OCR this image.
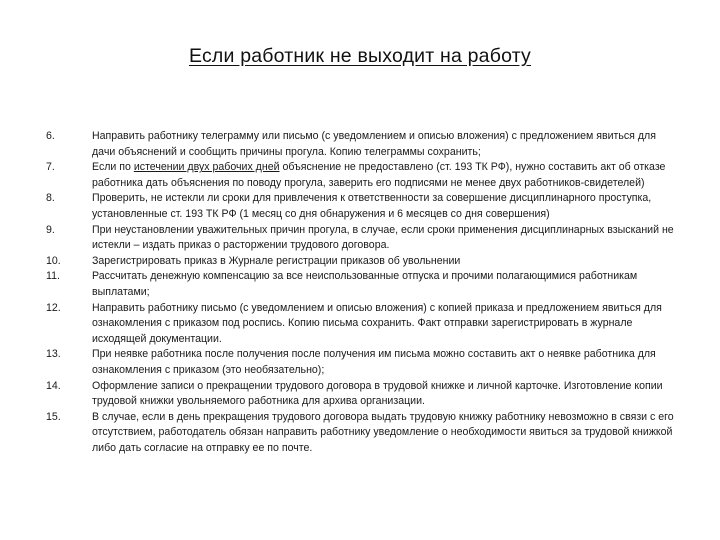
Если работник не выходит на работу
6.	Направить работнику телеграмму или письмо (с уведомлением и описью вложения) с предложением явиться для дачи объяснений и сообщить причины прогула. Копию телеграммы сохранить;
7.	Если по истечении двух рабочих дней объяснение не предоставлено (ст. 193 ТК РФ), нужно составить акт об отказе работника дать объяснения по поводу прогула, заверить его подписями не менее двух работников-свидетелей)
8.	Проверить, не истекли ли сроки для привлечения к ответственности за совершение дисциплинарного проступка, установленные ст. 193 ТК РФ (1 месяц со дня обнаружения и 6 месяцев со дня совершения)
9.	При неустановлении уважительных причин прогула, в случае, если сроки применения дисциплинарных взысканий не истекли – издать приказ о расторжении трудового договора.
10.	Зарегистрировать приказ в Журнале регистрации приказов об увольнении
11.	Рассчитать денежную компенсацию за все неиспользованные отпуска и прочими полагающимися работникам выплатами;
12.	Направить работнику письмо (с уведомлением и описью вложения) с копией приказа и предложением явиться для ознакомления с приказом под роспись. Копию письма сохранить. Факт отправки зарегистрировать в журнале исходящей документации.
13.	При неявке работника после получения после получения им письма можно составить акт о неявке работника для ознакомления с приказом (это необязательно);
14.	Оформление записи о прекращении трудового договора в трудовой книжке и личной карточке. Изготовление копии трудовой книжки увольняемого работника для архива организации.
15.	В случае, если в день прекращения трудового договора выдать трудовую книжку работнику невозможно в связи с его отсутствием, работодатель обязан направить работнику уведомление о необходимости явиться за трудовой книжкой либо дать согласие на отправку ее по почте.
